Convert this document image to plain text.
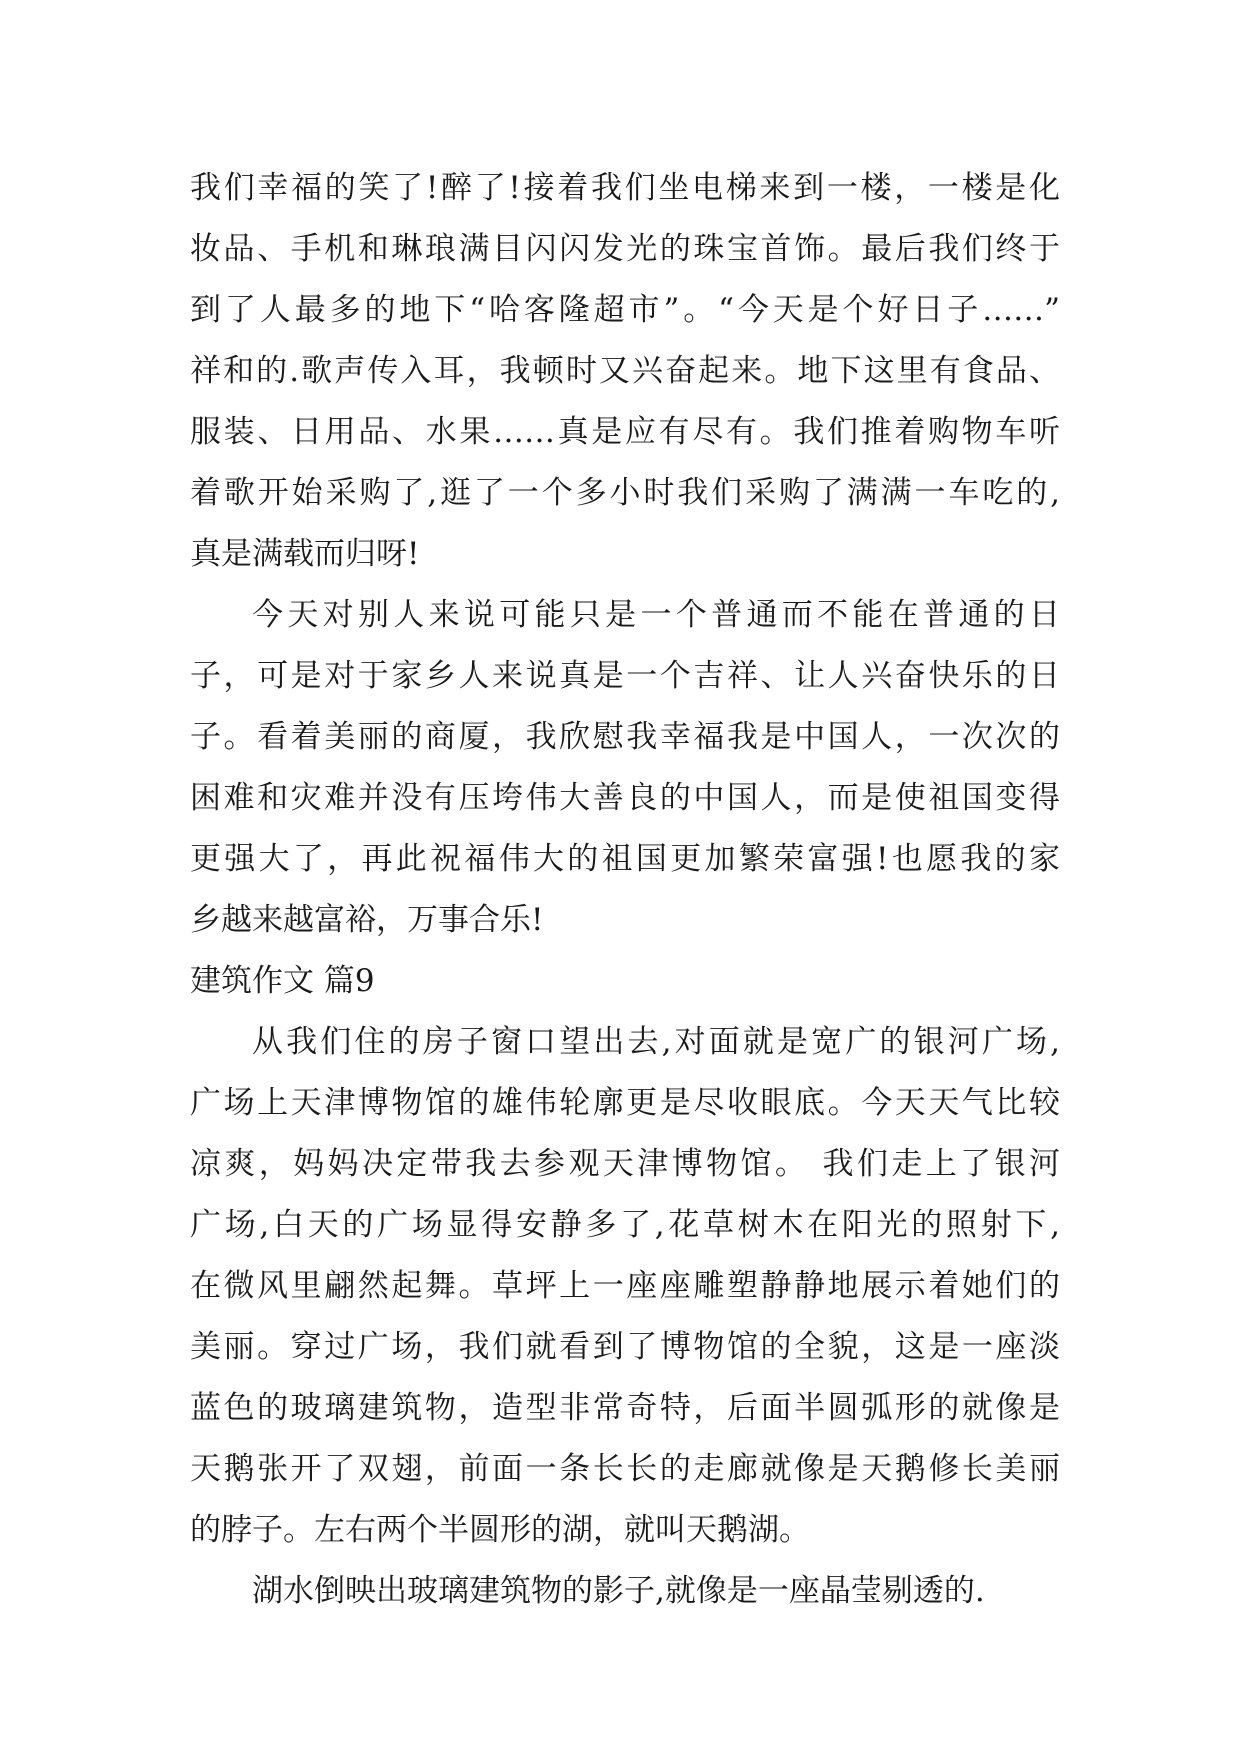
我们幸福的笑了!醉了!接着我们坐电梯来到一楼，一楼是化
妆品、手机和琳琅满目闪闪发光的珠宝首饰。最后我们终于
到了人最多的地下“哈客隆超市”。“今天是个好日子……”
祥和的.歌声传入耳，我顿时又兴奋起来。地下这里有食品、
服装、日用品、水果……真是应有尽有。我们推着购物车听
着歌开始采购了,逛了一个多小时我们采购了满满一车吃的,
真是满载而归呀!
今天对别人来说可能只是一个普通而不能在普通的日
子，可是对于家乡人来说真是一个吉祥、让人兴奋快乐的日
子。看着美丽的商厦，我欣慰我幸福我是中国人，一次次的
困难和灾难并没有压垮伟大善良的中国人，而是使祖国变得
更强大了，再此祝福伟大的祖国更加繁荣富强!也愿我的家
乡越来越富裕，万事合乐!
建筑作文 篇9
从我们住的房子窗口望出去,对面就是宽广的银河广场,
广场上天津博物馆的雄伟轮廓更是尽收眼底。今天天气比较
凉爽，妈妈决定带我去参观天津博物馆。 我们走上了银河
广场,白天的广场显得安静多了,花草树木在阳光的照射下,
在微风里翩然起舞。草坪上一座座雕塑静静地展示着她们的
美丽。穿过广场，我们就看到了博物馆的全貌，这是一座淡
蓝色的玻璃建筑物，造型非常奇特，后面半圆弧形的就像是
天鹅张开了双翅，前面一条长长的走廊就像是天鹅修长美丽
的脖子。左右两个半圆形的湖，就叫天鹅湖。
湖水倒映出玻璃建筑物的影子,就像是一座晶莹剔透的.
